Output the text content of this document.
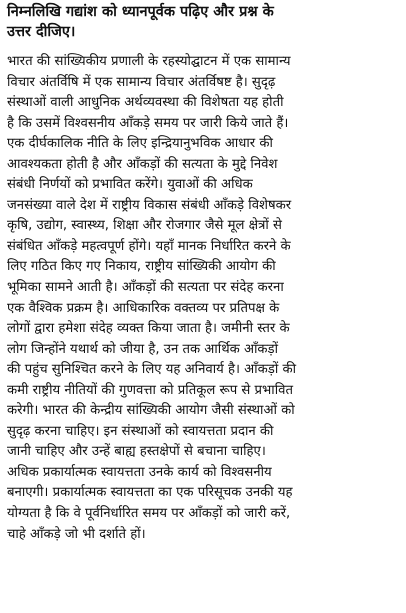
निम्नलिखि गद्यांश को ध्यानपूर्वक पढ़िए और प्रश्न के
उत्तर दीजिए।
भारत की सांख्यिकीय प्रणाली के रहस्योद्घाटन में एक सामान्य
विचार अंतर्विषि में एक सामान्य विचार अंतर्विषष्ट है। सुदृढ़
संस्थाओं वाली आधुनिक अर्थव्यवस्था की विशेषता यह होती
है कि उसमें विश्वसनीय आँकड़े समय पर जारी किये जाते हैं।
एक दीर्घकालिक नीति के लिए इन्द्रियानुभविक आधार की
आवश्यकता होती है और आँकड़ों की सत्यता के मुद्दे निवेश
संबंधी निर्णयों को प्रभावित करेंगे। युवाओं की अधिक
जनसंख्या वाले देश में राष्ट्रीय विकास संबंधी आँकड़े विशेषकर
कृषि, उद्योग, स्वास्थ्य, शिक्षा और रोजगार जैसे मूल क्षेत्रों से
संबंधित आँकड़े महत्वपूर्ण होंगे। यहाँ मानक निर्धारित करने के
लिए गठित किए गए निकाय, राष्ट्रीय सांख्यिकी आयोग की
भूमिका सामने आती है। आँकड़ों की सत्यता पर संदेह करना
एक वैश्विक प्रक्रम है। आधिकारिक वक्तव्य पर प्रतिपक्ष के
लोगों द्वारा हमेशा संदेह व्यक्त किया जाता है। जमीनी स्तर के
लोग जिन्होंने यथार्थ को जीया है, उन तक आर्थिक आँकड़ों
की पहुंच सुनिश्चित करने के लिए यह अनिवार्य है। आँकड़ों की
कमी राष्ट्रीय नीतियों की गुणवत्ता को प्रतिकूल रूप से प्रभावित
करेगी। भारत की केन्द्रीय सांख्यिकी आयोग जैसी संस्थाओं को
सुदृढ़ करना चाहिए। इन संस्थाओं को स्वायत्तता प्रदान की
जानी चाहिए और उन्हें बाह्य हस्तक्षेपों से बचाना चाहिए।
अधिक प्रकार्यात्मक स्वायत्तता उनके कार्य को विश्वसनीय
बनाएगी। प्रकार्यात्मक स्वायत्तता का एक परिसूचक उनकी यह
योग्यता है कि वे पूर्वनिर्धारित समय पर आँकड़ों को जारी करें,
चाहे आँकड़े जो भी दर्शाते हों।
